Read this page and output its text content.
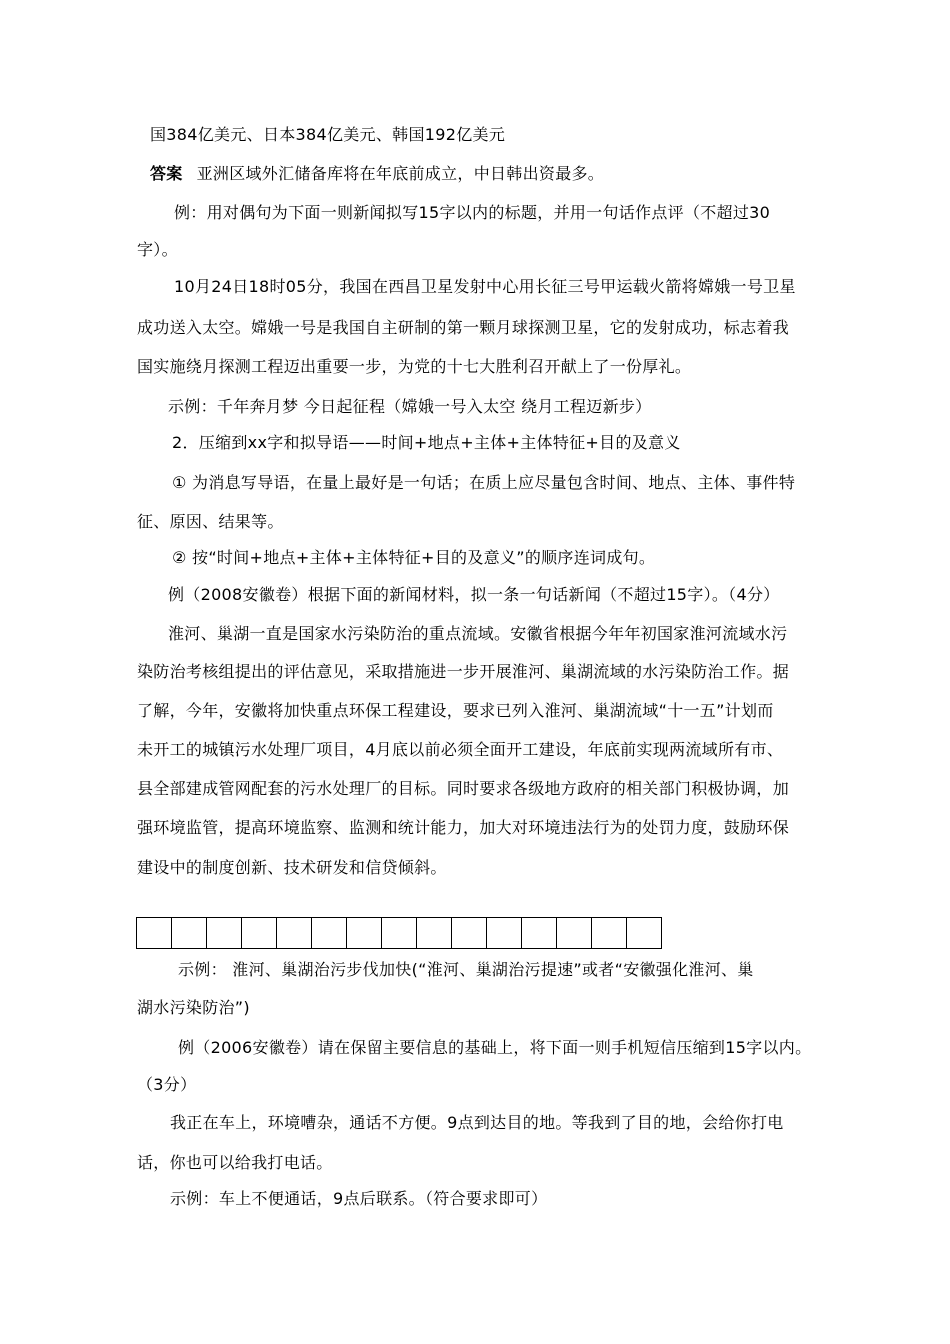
国384亿美元、日本384亿美元、韩国192亿美元
答案 亚洲区域外汇储备库将在年底前成立，中日韩出资最多。
例：用对偶句为下面一则新闻拟写15字以内的标题，并用一句话作点评（不超过30
字）。
10月24日18时05分，我国在西昌卫星发射中心用长征三号甲运载火箭将嫦娥一号卫星
成功送入太空。嫦娥一号是我国自主研制的第一颗月球探测卫星，它的发射成功，标志着我
国实施绕月探测工程迈出重要一步，为党的十七大胜利召开献上了一份厚礼。
示例：千年奔月梦 今日起征程（嫦娥一号入太空 绕月工程迈新步）
2．压缩到xx字和拟导语——时间+地点+主体+主体特征+目的及意义
① 为消息写导语，在量上最好是一句话；在质上应尽量包含时间、地点、主体、事件特
征、原因、结果等。
② 按“时间+地点+主体+主体特征+目的及意义”的顺序连词成句。
例（2008安徽卷）根据下面的新闻材料，拟一条一句话新闻（不超过15字）。（4分）
淮河、巢湖一直是国家水污染防治的重点流域。安徽省根据今年年初国家淮河流域水污
染防治考核组提出的评估意见，采取措施进一步开展淮河、巢湖流域的水污染防治工作。据
了解，今年，安徽将加快重点环保工程建设，要求已列入淮河、巢湖流域“十一五”计划而
未开工的城镇污水处理厂项目，4月底以前必须全面开工建设，年底前实现两流域所有市、
县全部建成管网配套的污水处理厂的目标。同时要求各级地方政府的相关部门积极协调，加
强环境监管，提高环境监察、监测和统计能力，加大对环境违法行为的处罚力度，鼓励环保
建设中的制度创新、技术研发和信贷倾斜。
示例： 淮河、巢湖治污步伐加快(“淮河、巢湖治污提速”或者“安徽强化淮河、巢
湖水污染防治”)
例（2006安徽卷）请在保留主要信息的基础上，将下面一则手机短信压缩到15字以内。
（3分）
我正在车上，环境嘈杂，通话不方便。9点到达目的地。等我到了目的地，会给你打电
话，你也可以给我打电话。
示例：车上不便通话，9点后联系。（符合要求即可）
